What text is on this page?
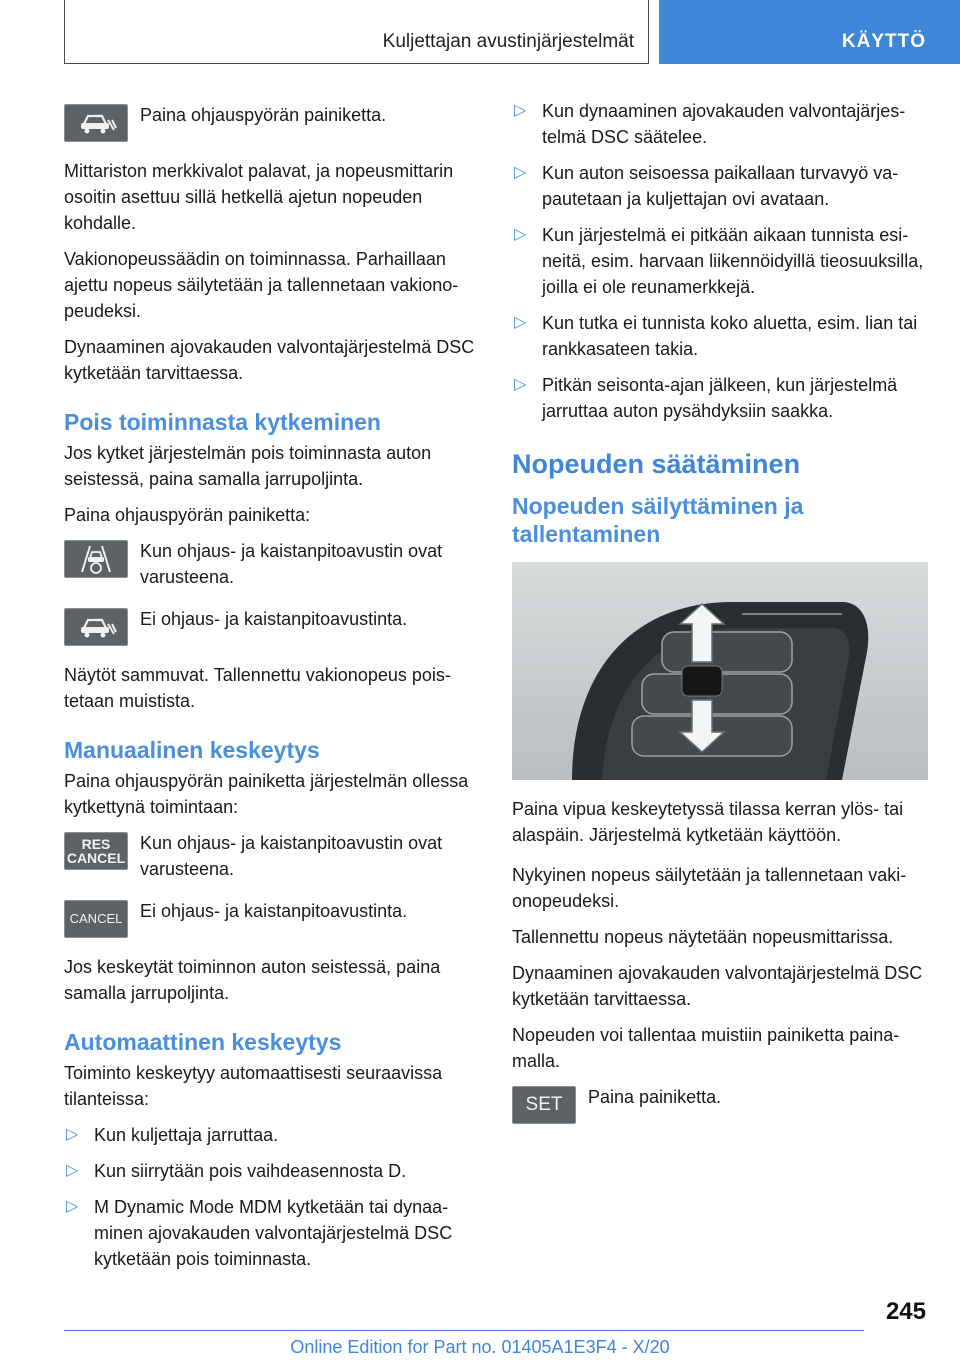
Kuljettajan avustinjärjestelmät	KÄYTTÖ
Paina ohjauspyörän painiketta.

Mittariston merkkivalot palavat, ja nopeusmittarin osoitin asettuu sillä hetkellä ajetun nopeuden kohdalle.

Vakionopeussäädin on toiminnassa. Parhaillaan ajettu nopeus säilytetään ja tallennetaan vakionopeudeksi.

Dynaaminen ajovakauden valvontajärjestelmä DSC kytketään tarvittaessa.

Pois toiminnasta kytkeminen

Jos kytket järjestelmän pois toiminnasta auton seistessä, paina samalla jarrupoljinta.

Paina ohjauspyörän painiketta:

Kun ohjaus- ja kaistanpitoavustin ovat varusteena.
Ei ohjaus- ja kaistanpitoavustinta.

Näytöt sammuvat. Tallennettu vakionopeus poistetaan muistista.

Manuaalinen keskeytys

Paina ohjauspyörän painiketta järjestelmän ollessa kytkettynä toimintaan:

RES
CANCEL
Kun ohjaus- ja kaistanpitoavustin ovat varusteena.
CANCEL Ei ohjaus- ja kaistanpitoavustinta.

Jos keskeytät toiminnon auton seistessä, paina samalla jarrupoljinta.

Automaattinen keskeytys

Toiminto keskeytyy automaattisesti seuraavissa tilanteissa:

▷ Kun kuljettaja jarruttaa.
▷ Kun siirrytään pois vaihdeasennosta D.
▷ M Dynamic Mode MDM kytketään tai dynaaminen ajovakauden valvontajärjestelmä DSC kytketään pois toiminnasta.
▷ Kun dynaaminen ajovakauden valvontajärjestelmä DSC säätelee.
▷ Kun auton seisoessa paikallaan turvavyö vapautetaan ja kuljettajan ovi avataan.
▷ Kun järjestelmä ei pitkään aikaan tunnista esineitä, esim. harvaan liikennöidyillä tieosuuksilla, joilla ei ole reunamerkkejä.
▷ Kun tutka ei tunnista koko aluetta, esim. lian tai rankkasateen takia.
▷ Pitkän seisonta-ajan jälkeen, kun järjestelmä jarruttaa auton pysähdyksiin saakka.
Nopeuden säätäminen
Nopeuden säilyttäminen ja tallentaminen

Paina vipua keskeytetyssä tilassa kerran ylös- tai alaspäin. Järjestelmä kytketään käyttöön.

Nykyinen nopeus säilytetään ja tallennetaan vakionopeudeksi.

Tallennettu nopeus näytetään nopeusmittarissa.

Dynaaminen ajovakauden valvontajärjestelmä DSC kytketään tarvittaessa.

Nopeuden voi tallentaa muistiin painiketta painamalla.

SET Paina painiketta.
245
Online Edition for Part no. 01405A1E3F4 - X/20
